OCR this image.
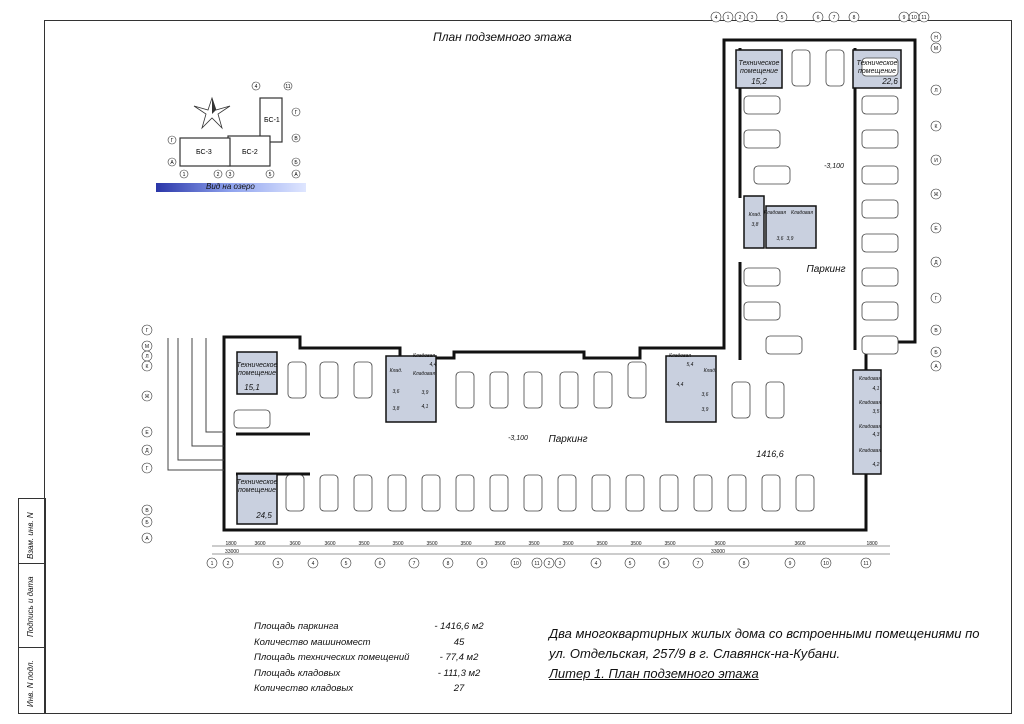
Взам. инв. N
Подпись и дата
Инв. N подл.
План подземного этажа
БС-1
БС-2
БС-3
4	11
Г
В
Б
А
Г
А
1	2 3	5
Вид на озеро
Техническое
помещение
15,2
Техническое
помещение
22,6
Техническое
помещение
15,1
Техническое
помещение
24,5
Паркинг
Паркинг
-3,100
-3,100
1416,6
Кладовая
4,4
Клад. Кладовая
3,6	3,9
3,8	4,1
Кладовая
5,4
Клад.
4,4
3,6
3,9
Клад.
3,8
Кладовая
3,6
Кладовая
3,9
Кладовая
4,1
Кладовая
3,5
Кладовая
4,3
Кладовая
4,2
1800	3600	3600	3600	3500	3500	3500	3500	3500	3500	3500	3500	3500	3500	3600	3600	1800
33000	33000
1	2	3	4	5	6	7	8	9	10	11 2 3	4	5	6	7	8	9	10	11
4 1 2 3	5	6	7	8	9 10 11
Н
М
Л
К
И
Ж
Е
Д
Г
В
Б
А
Г
М
Л
К
Ж
Е
Д
Г
В
Б
А
Площадь паркинга	- 1416,6 м2
Количество машиномест	45
Площадь технических помещений	- 77,4 м2
Площадь кладовых	- 111,3 м2
Количество кладовых	27
Два многоквартирных жилых дома со встроенными помещениями по
ул. Отдельская, 257/9 в г. Славянск-на-Кубани.
Литер 1. План подземного этажа
